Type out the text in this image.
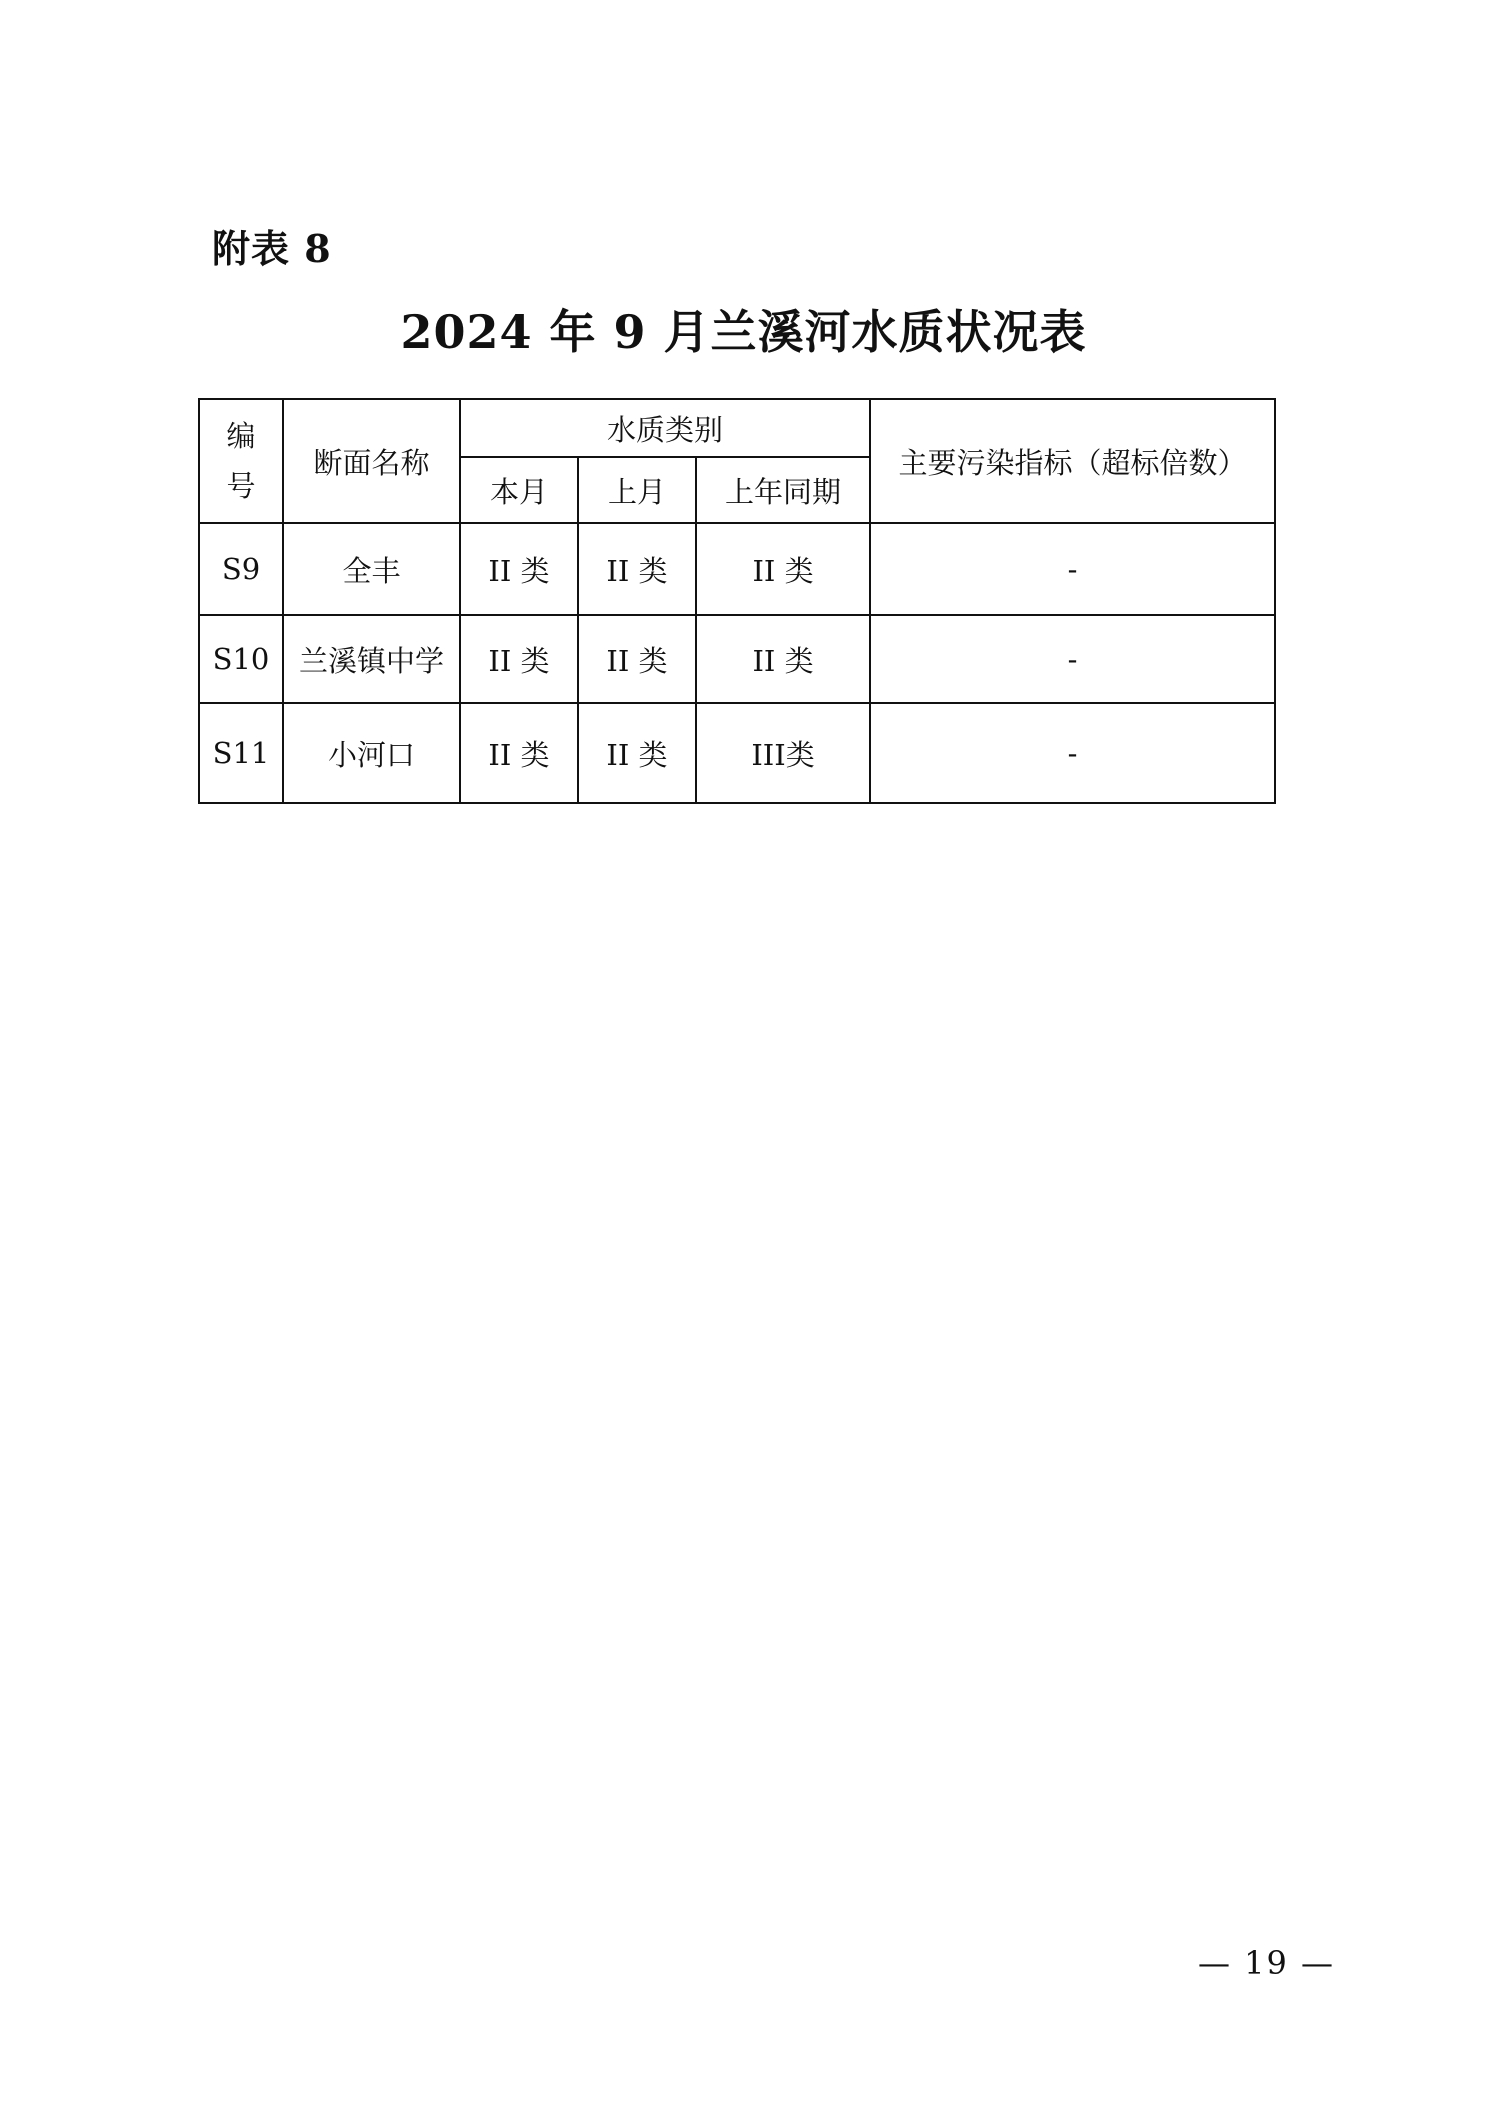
附表 8
2024 年 9 月兰溪河水质状况表
编
号	断面名称	水质类别			主要污染指标（超标倍数）
		本月	上月	上年同期	
S9	全丰	II 类	II 类	II 类	-
S10	兰溪镇中学	II 类	II 类	II 类	-
S11	小河口	II 类	II 类	III类	-
— 19 —
